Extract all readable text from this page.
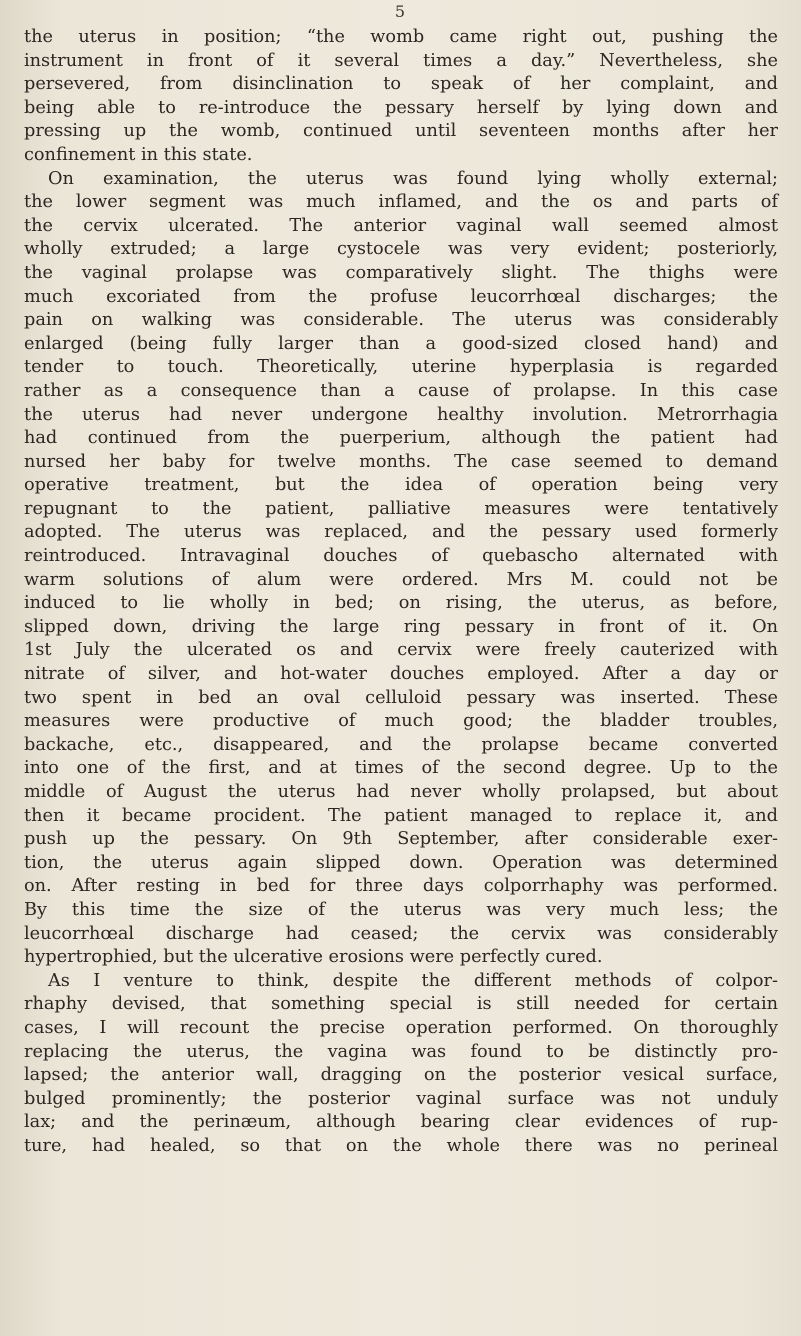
5
the uterus in position; “the womb came right out, pushing the
instrument in front of it several times a day.” Nevertheless, she
persevered, from disinclination to speak of her complaint, and
being able to re-introduce the pessary herself by lying down and
pressing up the womb, continued until seventeen months after her
confinement in this state.
On examination, the uterus was found lying wholly external;
the lower segment was much inflamed, and the os and parts of
the cervix ulcerated. The anterior vaginal wall seemed almost
wholly extruded; a large cystocele was very evident; posteriorly,
the vaginal prolapse was comparatively slight. The thighs were
much excoriated from the profuse leucorrhœal discharges; the
pain on walking was considerable. The uterus was considerably
enlarged (being fully larger than a good-sized closed hand) and
tender to touch. Theoretically, uterine hyperplasia is regarded
rather as a consequence than a cause of prolapse. In this case
the uterus had never undergone healthy involution. Metrorrhagia
had continued from the puerperium, although the patient had
nursed her baby for twelve months. The case seemed to demand
operative treatment, but the idea of operation being very
repugnant to the patient, palliative measures were tentatively
adopted. The uterus was replaced, and the pessary used formerly
reintroduced. Intravaginal douches of quebascho alternated with
warm solutions of alum were ordered. Mrs M. could not be
induced to lie wholly in bed; on rising, the uterus, as before,
slipped down, driving the large ring pessary in front of it. On
1st July the ulcerated os and cervix were freely cauterized with
nitrate of silver, and hot-water douches employed. After a day or
two spent in bed an oval celluloid pessary was inserted. These
measures were productive of much good; the bladder troubles,
backache, etc., disappeared, and the prolapse became converted
into one of the first, and at times of the second degree. Up to the
middle of August the uterus had never wholly prolapsed, but about
then it became procident. The patient managed to replace it, and
push up the pessary. On 9th September, after considerable exer-
tion, the uterus again slipped down. Operation was determined
on. After resting in bed for three days colporrhaphy was performed.
By this time the size of the uterus was very much less; the
leucorrhœal discharge had ceased; the cervix was considerably
hypertrophied, but the ulcerative erosions were perfectly cured.
As I venture to think, despite the different methods of colpor-
rhaphy devised, that something special is still needed for certain
cases, I will recount the precise operation performed. On thoroughly
replacing the uterus, the vagina was found to be distinctly pro-
lapsed; the anterior wall, dragging on the posterior vesical surface,
bulged prominently; the posterior vaginal surface was not unduly
lax; and the perinæum, although bearing clear evidences of rup-
ture, had healed, so that on the whole there was no perineal
